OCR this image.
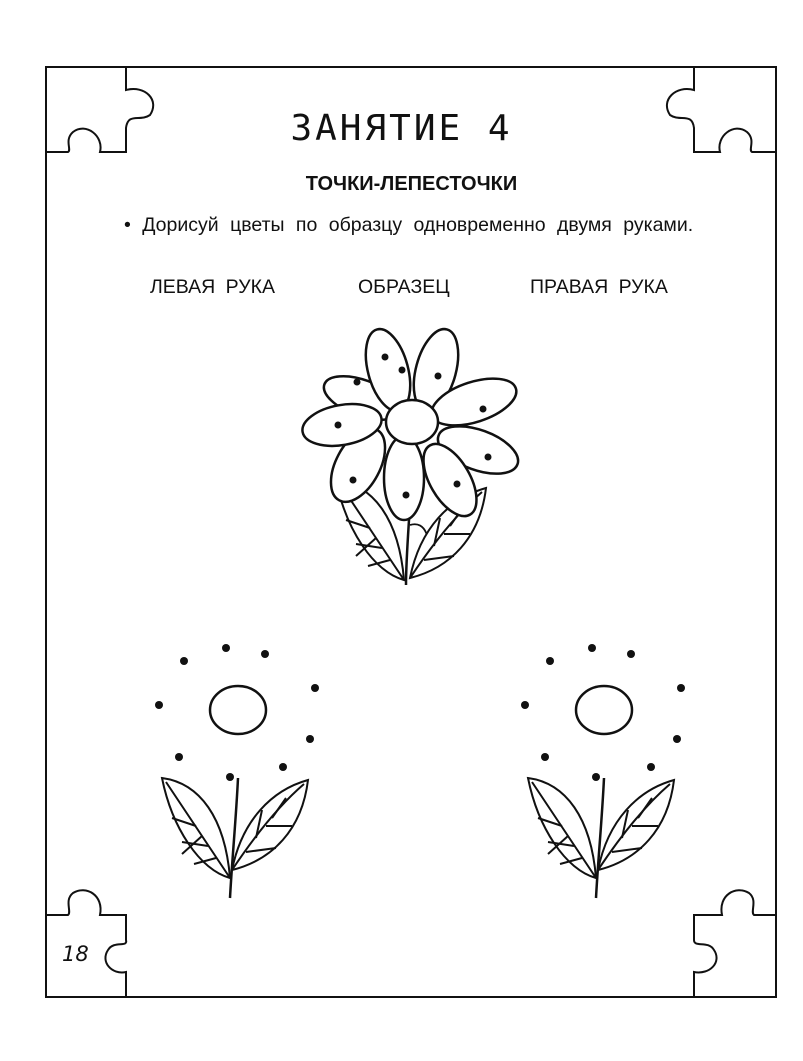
ЗАНЯТИЕ 4
ТОЧКИ-ЛЕПЕСТОЧКИ
• Дорисуй цветы по образцу одновременно двумя руками.
ЛЕВАЯ РУКА	ОБРАЗЕЦ	ПРАВАЯ РУКА
18
